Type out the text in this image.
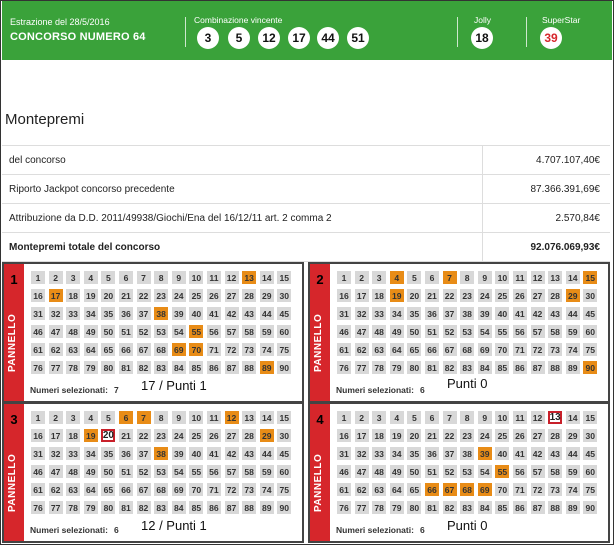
Estrazione del 28/5/2016
CONCORSO NUMERO 64
Combinazione vincente
3	5	12	17	44	51
Jolly
18
SuperStar
39
Montepremi
del concorso	4.707.107,40€
Riporto Jackpot concorso precedente	87.366.391,69€
Attribuzione da D.D. 2011/49938/Giochi/Ena del 16/12/11 art. 2 comma 2	2.570,84€
Montepremi totale del concorso	92.076.069,93€
1
PANNELLO
1	2	3	4	5	6	7	8	9	10 11 12 13 14 15
16 17 18 19 20 21 22 23 24 25 26 27 28 29 30
31 32 33 34 35 36 37 38 39 40 41 42 43 44 45
46 47 48 49 50 51 52 53 54 55 56 57 58 59 60
61 62 63 64 65 66 67 68 69 70 71 72 73 74 75
76 77 78 79 80 81 82 83 84 85 86 87 88 89 90
Numeri selezionati: 7 17 / Punti 1
2
PANNELLO
1	2	3	4	5	6	7	8	9	10 11 12 13 14 15
16 17 18 19 20 21 22 23 24 25 26 27 28 29 30
31 32 33 34 35 36 37 38 39 40 41 42 43 44 45
46 47 48 49 50 51 52 53 54 55 56 57 58 59 60
61 62 63 64 65 66 67 68 69 70 71 72 73 74 75
76 77 78 79 80 81 82 83 84 85 86 87 88 89 90
Numeri selezionati: 6 Punti 0
3
PANNELLO
1	2	3	4	5	6	7	8	9	10 11 12 13 14 15
16 17 18 19 20 21 22 23 24 25 26 27 28 29 30
31 32 33 34 35 36 37 38 39 40 41 42 43 44 45
46 47 48 49 50 51 52 53 54 55 56 57 58 59 60
61 62 63 64 65 66 67 68 69 70 71 72 73 74 75
76 77 78 79 80 81 82 83 84 85 86 87 88 89 90
Numeri selezionati: 6 12 / Punti 1
4
PANNELLO
1	2	3	4	5	6	7	8	9	10 11 12 13 14 15
16 17 18 19 20 21 22 23 24 25 26 27 28 29 30
31 32 33 34 35 36 37 38 39 40 41 42 43 44 45
46 47 48 49 50 51 52 53 54 55 56 57 58 59 60
61 62 63 64 65 66 67 68 69 70 71 72 73 74 75
76 77 78 79 80 81 82 83 84 85 86 87 88 89 90
Numeri selezionati: 6 Punti 0
